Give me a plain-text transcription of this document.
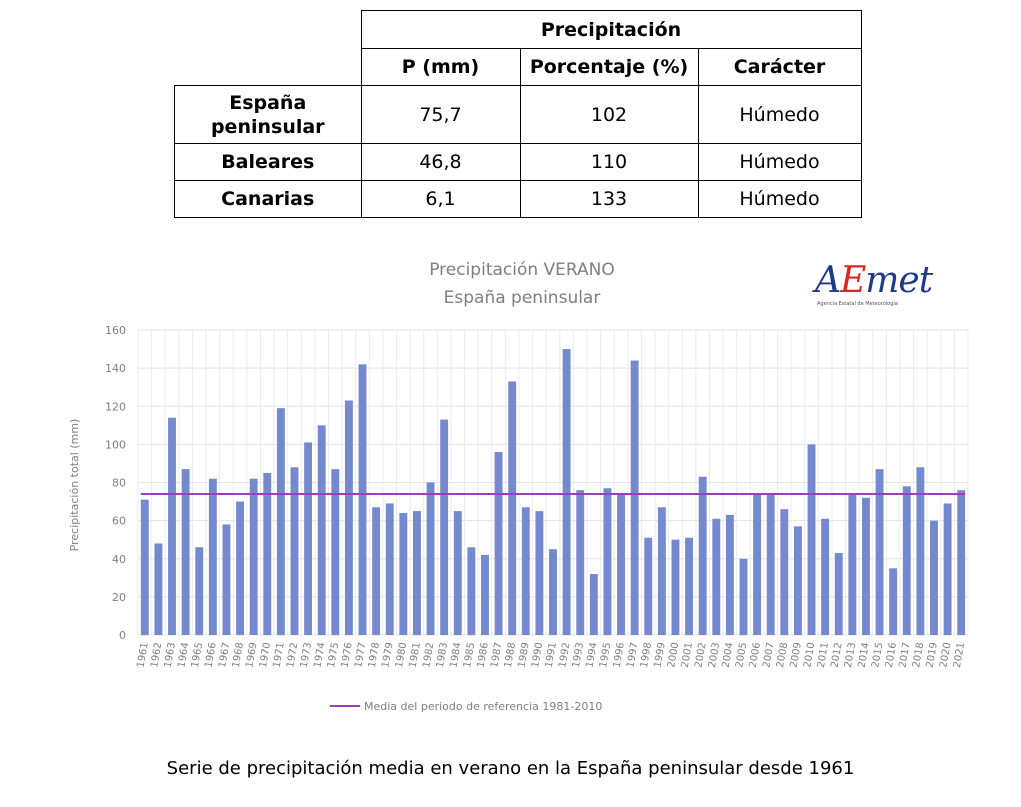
	Precipitación		
	P (mm)	Porcentaje (%)	Carácter

España peninsular	75,7	102	Húmedo
Baleares	46,8	110	Húmedo
Canarias	6,1	133	Húmedo
Precipitación VERANO
España peninsular
Precipitación total (mm)
0
20
40
60
80
100
120
140
160
1961
1962
1963
1964
1965
1966
1967
1968
1969
1970
1971
1972
1973
1974
1975
1976
1977
1978
1979
1980
1981
1982
1983
1984
1985
1986
1987
1988
1989
1990
1991
1992
1993
1994
1995
1996
1997
1998
1999
2000
2001
2002
2003
2004
2005
2006
2007
2008
2009
2010
2011
2012
2013
2014
2015
2016
2017
2018
2019
2020
2021
Media del periodo de referencia 1981-2010
AEmet
Agencia Estatal de Meteorología
Serie de precipitación media en verano en la España peninsular desde 1961
